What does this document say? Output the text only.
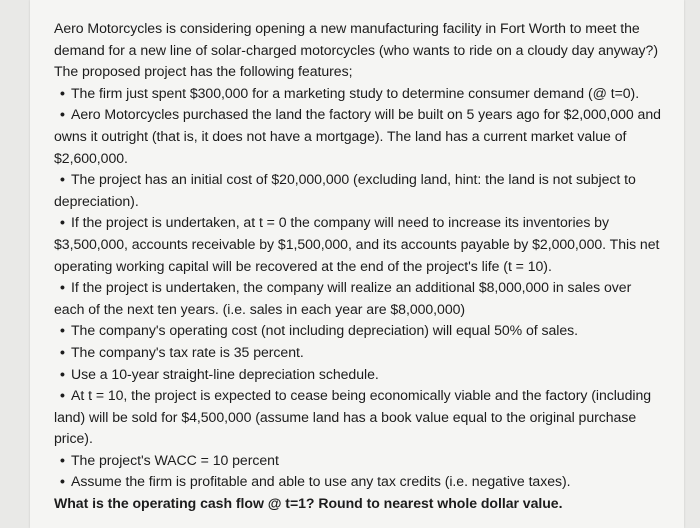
Aero Motorcycles is considering opening a new manufacturing facility in Fort Worth to meet the demand for a new line of solar-charged motorcycles (who wants to ride on a cloudy day anyway?) The proposed project has the following features;

• The firm just spent $300,000 for a marketing study to determine consumer demand (@ t=0).

• Aero Motorcycles purchased the land the factory will be built on 5 years ago for $2,000,000 and owns it outright (that is, it does not have a mortgage). The land has a current market value of $2,600,000.

• The project has an initial cost of $20,000,000 (excluding land, hint: the land is not subject to depreciation).

• If the project is undertaken, at t = 0 the company will need to increase its inventories by $3,500,000, accounts receivable by $1,500,000, and its accounts payable by $2,000,000. This net operating working capital will be recovered at the end of the project's life (t = 10).

• If the project is undertaken, the company will realize an additional $8,000,000 in sales over each of the next ten years. (i.e. sales in each year are $8,000,000)

• The company's operating cost (not including depreciation) will equal 50% of sales.

• The company's tax rate is 35 percent.

• Use a 10-year straight-line depreciation schedule.

• At t = 10, the project is expected to cease being economically viable and the factory (including land) will be sold for $4,500,000 (assume land has a book value equal to the original purchase price).

• The project's WACC = 10 percent

• Assume the firm is profitable and able to use any tax credits (i.e. negative taxes).

What is the operating cash flow @ t=1? Round to nearest whole dollar value.
